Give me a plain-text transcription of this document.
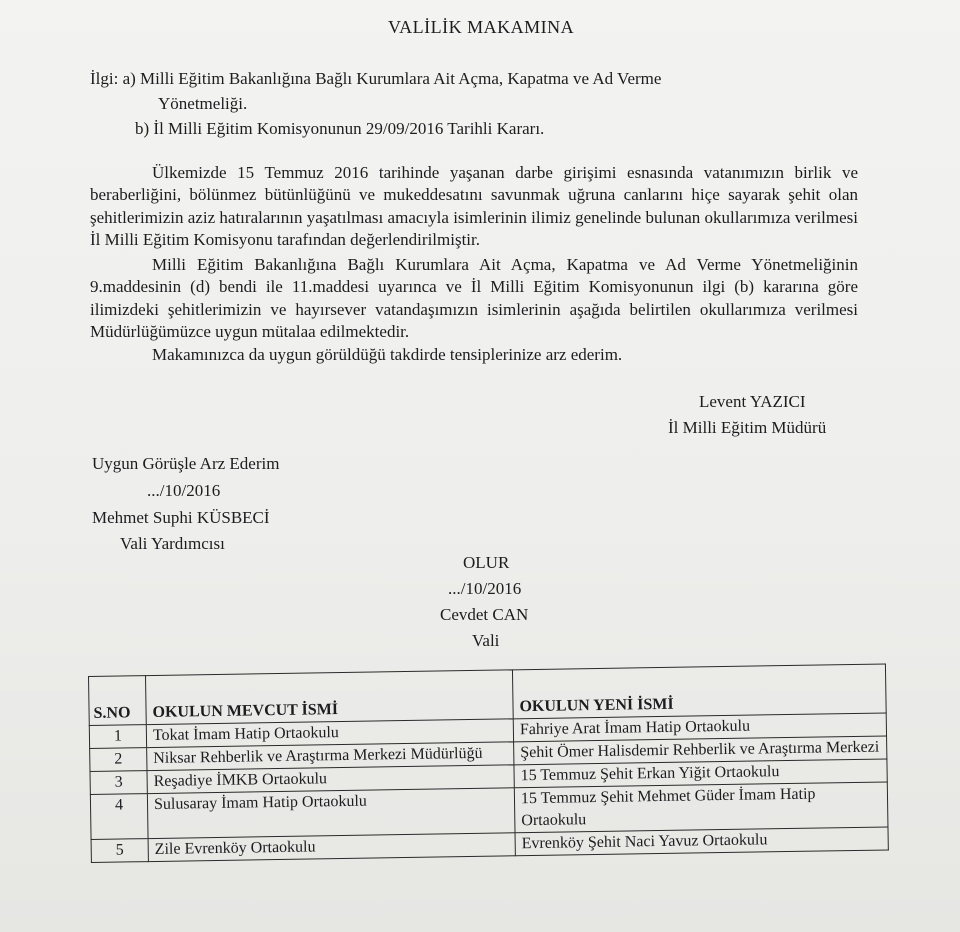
VALİLİK MAKAMINA
İlgi: a) Milli Eğitim Bakanlığına Bağlı Kurumlara Ait Açma, Kapatma ve Ad Verme
Yönetmeliği.
b) İl Milli Eğitim Komisyonunun 29/09/2016 Tarihli Kararı.
Ülkemizde 15 Temmuz 2016 tarihinde yaşanan darbe girişimi esnasında vatanımızın birlik ve beraberliğini, bölünmez bütünlüğünü ve mukeddesatını savunmak uğruna canlarını hiçe sayarak şehit olan şehitlerimizin aziz hatıralarının yaşatılması amacıyla isimlerinin ilimiz genelinde bulunan okullarımıza verilmesi İl Milli Eğitim Komisyonu tarafından değerlendirilmiştir.
Milli Eğitim Bakanlığına Bağlı Kurumlara Ait Açma, Kapatma ve Ad Verme Yönetmeliğinin 9.maddesinin (d) bendi ile 11.maddesi uyarınca ve İl Milli Eğitim Komisyonunun ilgi (b) kararına göre ilimizdeki şehitlerimizin ve hayırsever vatandaşımızın isimlerinin aşağıda belirtilen okullarımıza verilmesi Müdürlüğümüzce uygun mütalaa edilmektedir.
Makamınızca da uygun görüldüğü takdirde tensiplerinize arz ederim.
Levent YAZICI
İl Milli Eğitim Müdürü
Uygun Görüşle Arz Ederim
.../10/2016
Mehmet Suphi KÜSBECİ
Vali Yardımcısı
OLUR
.../10/2016
Cevdet CAN
Vali
S.NO	OKULUN MEVCUT İSMİ	OKULUN YENİ İSMİ
1	Tokat İmam Hatip Ortaokulu	Fahriye Arat İmam Hatip Ortaokulu
2	Niksar Rehberlik ve Araştırma Merkezi Müdürlüğü	Şehit Ömer Halisdemir Rehberlik ve Araştırma Merkezi
3	Reşadiye İMKB Ortaokulu	15 Temmuz Şehit Erkan Yiğit Ortaokulu
4	Sulusaray İmam Hatip Ortaokulu	15 Temmuz Şehit Mehmet Güder İmam Hatip Ortaokulu
5	Zile Evrenköy Ortaokulu	Evrenköy Şehit Naci Yavuz Ortaokulu
